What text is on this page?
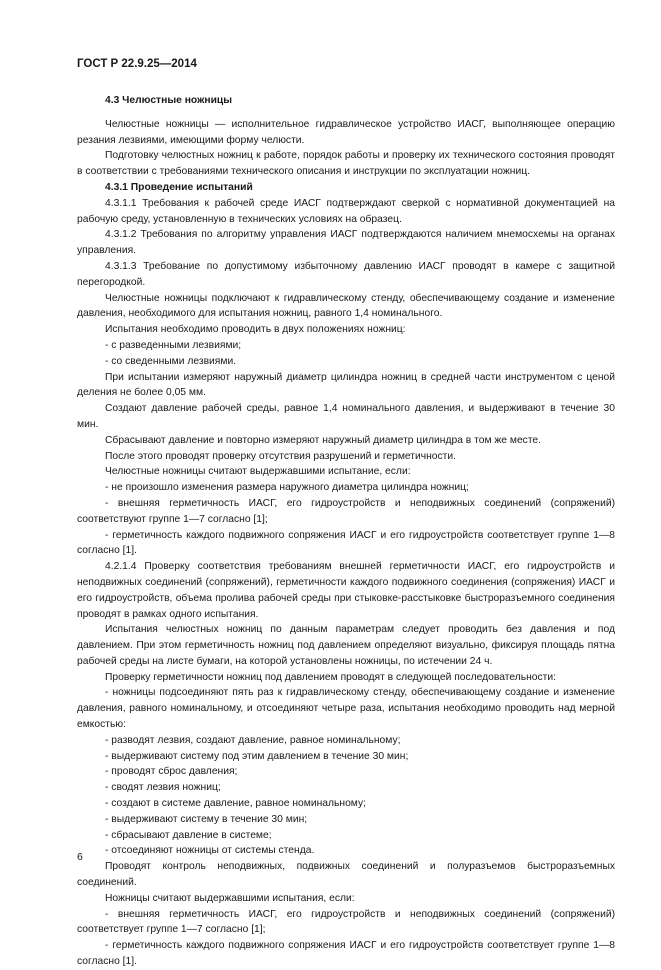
ГОСТ Р 22.9.25—2014

4.3 Челюстные ножницы

Челюстные ножницы — исполнительное гидравлическое устройство ИАСГ, выполняющее операцию резания лезвиями, имеющими форму челюсти.

Подготовку челюстных ножниц к работе, порядок работы и проверку их технического состояния проводят в соответствии с требованиями технического описания и инструкции по эксплуатации ножниц.

4.3.1 Проведение испытаний

4.3.1.1 Требования к рабочей среде ИАСГ подтверждают сверкой с нормативной документацией на рабочую среду, установленную в технических условиях на образец.

4.3.1.2 Требования по алгоритму управления ИАСГ подтверждаются наличием мнемосхемы на органах управления.

4.3.1.3 Требование по допустимому избыточному давлению ИАСГ проводят в камере с защитной перегородкой.

Челюстные ножницы подключают к гидравлическому стенду, обеспечивающему создание и изменение давления, необходимого для испытания ножниц, равного 1,4 номинального.

Испытания необходимо проводить в двух положениях ножниц:

- с разведенными лезвиями;

- со сведенными лезвиями.

При испытании измеряют наружный диаметр цилиндра ножниц в средней части инструментом с ценой деления не более 0,05 мм.

Создают давление рабочей среды, равное 1,4 номинального давления, и выдерживают в течение 30 мин.

Сбрасывают давление и повторно измеряют наружный диаметр цилиндра в том же месте.

После этого проводят проверку отсутствия разрушений и герметичности.

Челюстные ножницы считают выдержавшими испытание, если:

- не произошло изменения размера наружного диаметра цилиндра ножниц;

- внешняя герметичность ИАСГ, его гидроустройств и неподвижных соединений (сопряжений) соответствуют группе 1—7 согласно [1];

- герметичность каждого подвижного сопряжения ИАСГ и его гидроустройств соответствует группе 1—8 согласно [1].

4.2.1.4 Проверку соответствия требованиям внешней герметичности ИАСГ, его гидроустройств и неподвижных соединений (сопряжений), герметичности каждого подвижного соединения (сопряжения) ИАСГ и его гидроустройств, объема пролива рабочей среды при стыковке-расстыковке быстроразъемного соединения проводят в рамках одного испытания.

Испытания челюстных ножниц по данным параметрам следует проводить без давления и под давлением. При этом герметичность ножниц под давлением определяют визуально, фиксируя площадь пятна рабочей среды на листе бумаги, на которой установлены ножницы, по истечении 24 ч.

Проверку герметичности ножниц под давлением проводят в следующей последовательности:

- ножницы подсоединяют пять раз к гидравлическому стенду, обеспечивающему создание и изменение давления, равного номинальному, и отсоединяют четыре раза, испытания необходимо проводить над мерной емкостью:

- разводят лезвия, создают давление, равное номинальному;

- выдерживают систему под этим давлением в течение 30 мин;

- проводят сброс давления;

- сводят лезвия ножниц;

- создают в системе давление, равное номинальному;

- выдерживают систему в течение 30 мин;

- сбрасывают давление в системе;

- отсоединяют ножницы от системы стенда.

Проводят контроль неподвижных, подвижных соединений и полуразъемов быстроразъемных соединений.

Ножницы считают выдержавшими испытания, если:

- внешняя герметичность ИАСГ, его гидроустройств и неподвижных соединений (сопряжений) соответствует группе 1—7 согласно [1];

- герметичность каждого подвижного сопряжения ИАСГ и его гидроустройств соответствует группе 1—8 согласно [1].

6
